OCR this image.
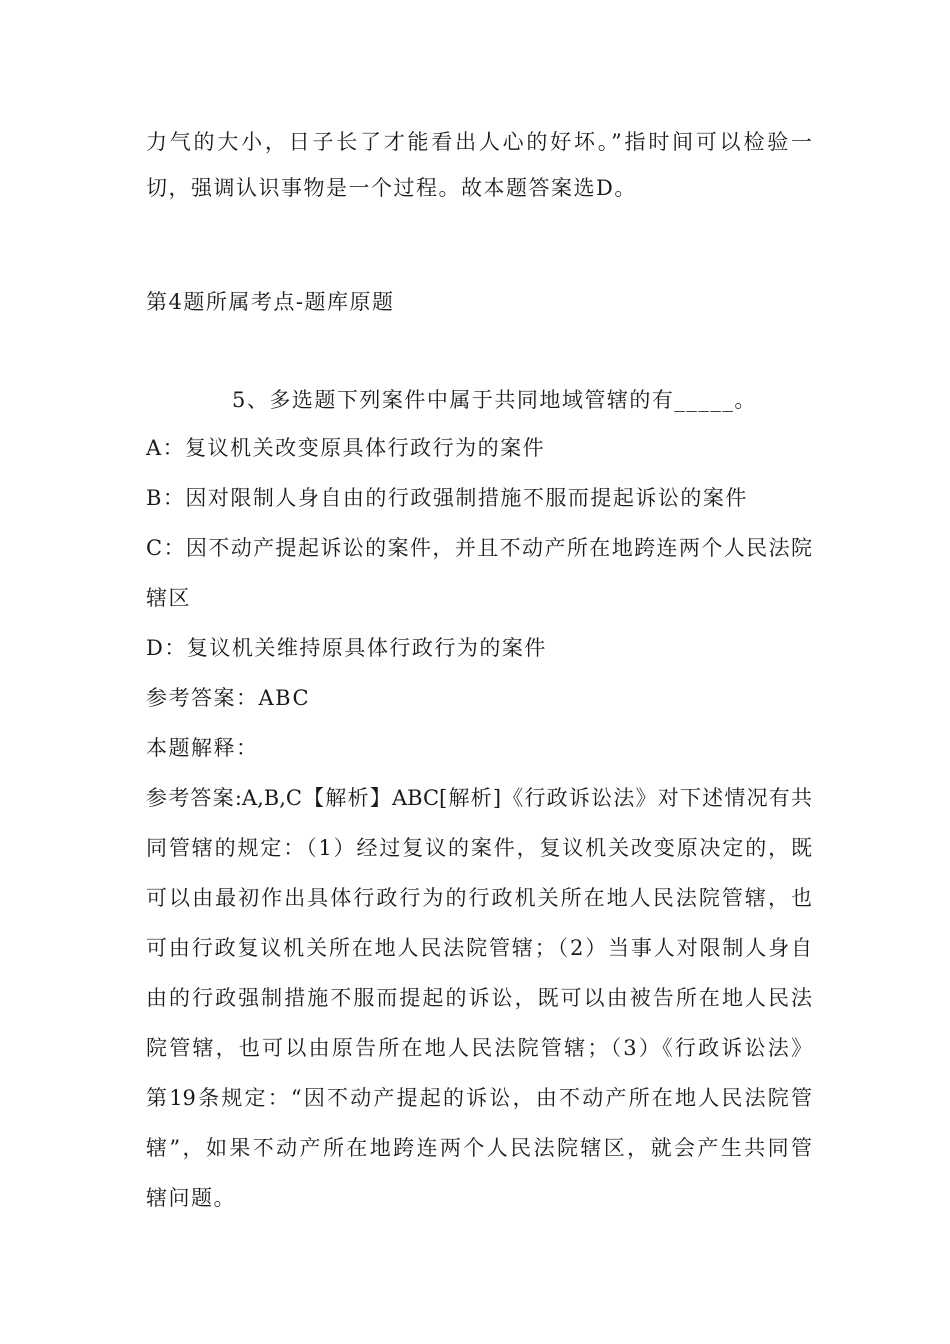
力气的大小，日子长了才能看出人心的好坏。”指时间可以检验一
切，强调认识事物是一个过程。故本题答案选D。
第4题所属考点-题库原题
5、多选题下列案件中属于共同地域管辖的有_____。
A：复议机关改变原具体行政行为的案件
B：因对限制人身自由的行政强制措施不服而提起诉讼的案件
C：因不动产提起诉讼的案件，并且不动产所在地跨连两个人民法院
辖区
D：复议机关维持原具体行政行为的案件
参考答案：ABC
本题解释：
参考答案:A,B,C【解析】ABC[解析]《行政诉讼法》对下述情况有共
同管辖的规定：（1）经过复议的案件，复议机关改变原决定的，既
可以由最初作出具体行政行为的行政机关所在地人民法院管辖，也
可由行政复议机关所在地人民法院管辖；（2）当事人对限制人身自
由的行政强制措施不服而提起的诉讼，既可以由被告所在地人民法
院管辖，也可以由原告所在地人民法院管辖；（3）《行政诉讼法》
第19条规定：“因不动产提起的诉讼，由不动产所在地人民法院管
辖”，如果不动产所在地跨连两个人民法院辖区，就会产生共同管
辖问题。
